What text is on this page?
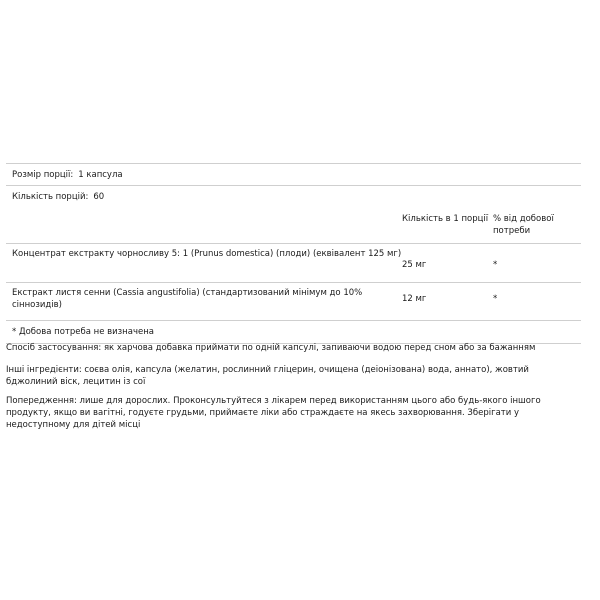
Розмір порції: 1 капсула
Кількість порцій: 60
Кількість в 1 порції % від добової потреби
Концентрат екстракту чорносливу 5: 1 (Prunus domestica) (плоди) (еквівалент 125 мг)
25 мг	*
Екстракт листя сенни (Cassia angustifolia) (стандартизований мінімум до 10% сіннозидів)
12 мг	*
* Добова потреба не визначена

Спосіб застосування: як харчова добавка приймати по одній капсулі, запиваючи водою перед сном або за бажанням

Інші інгредієнти: соєва олія, капсула (желатин, рослинний гліцерин, очищена (деіонізована) вода, аннато), жовтий бджолиний віск, лецитин із сої

Попередження: лише для дорослих. Проконсультуйтеся з лікарем перед використанням цього або будь-якого іншого продукту, якщо ви вагітні, годуєте грудьми, приймаєте ліки або страждаєте на якесь захворювання. Зберігати у недоступному для дітей місці
